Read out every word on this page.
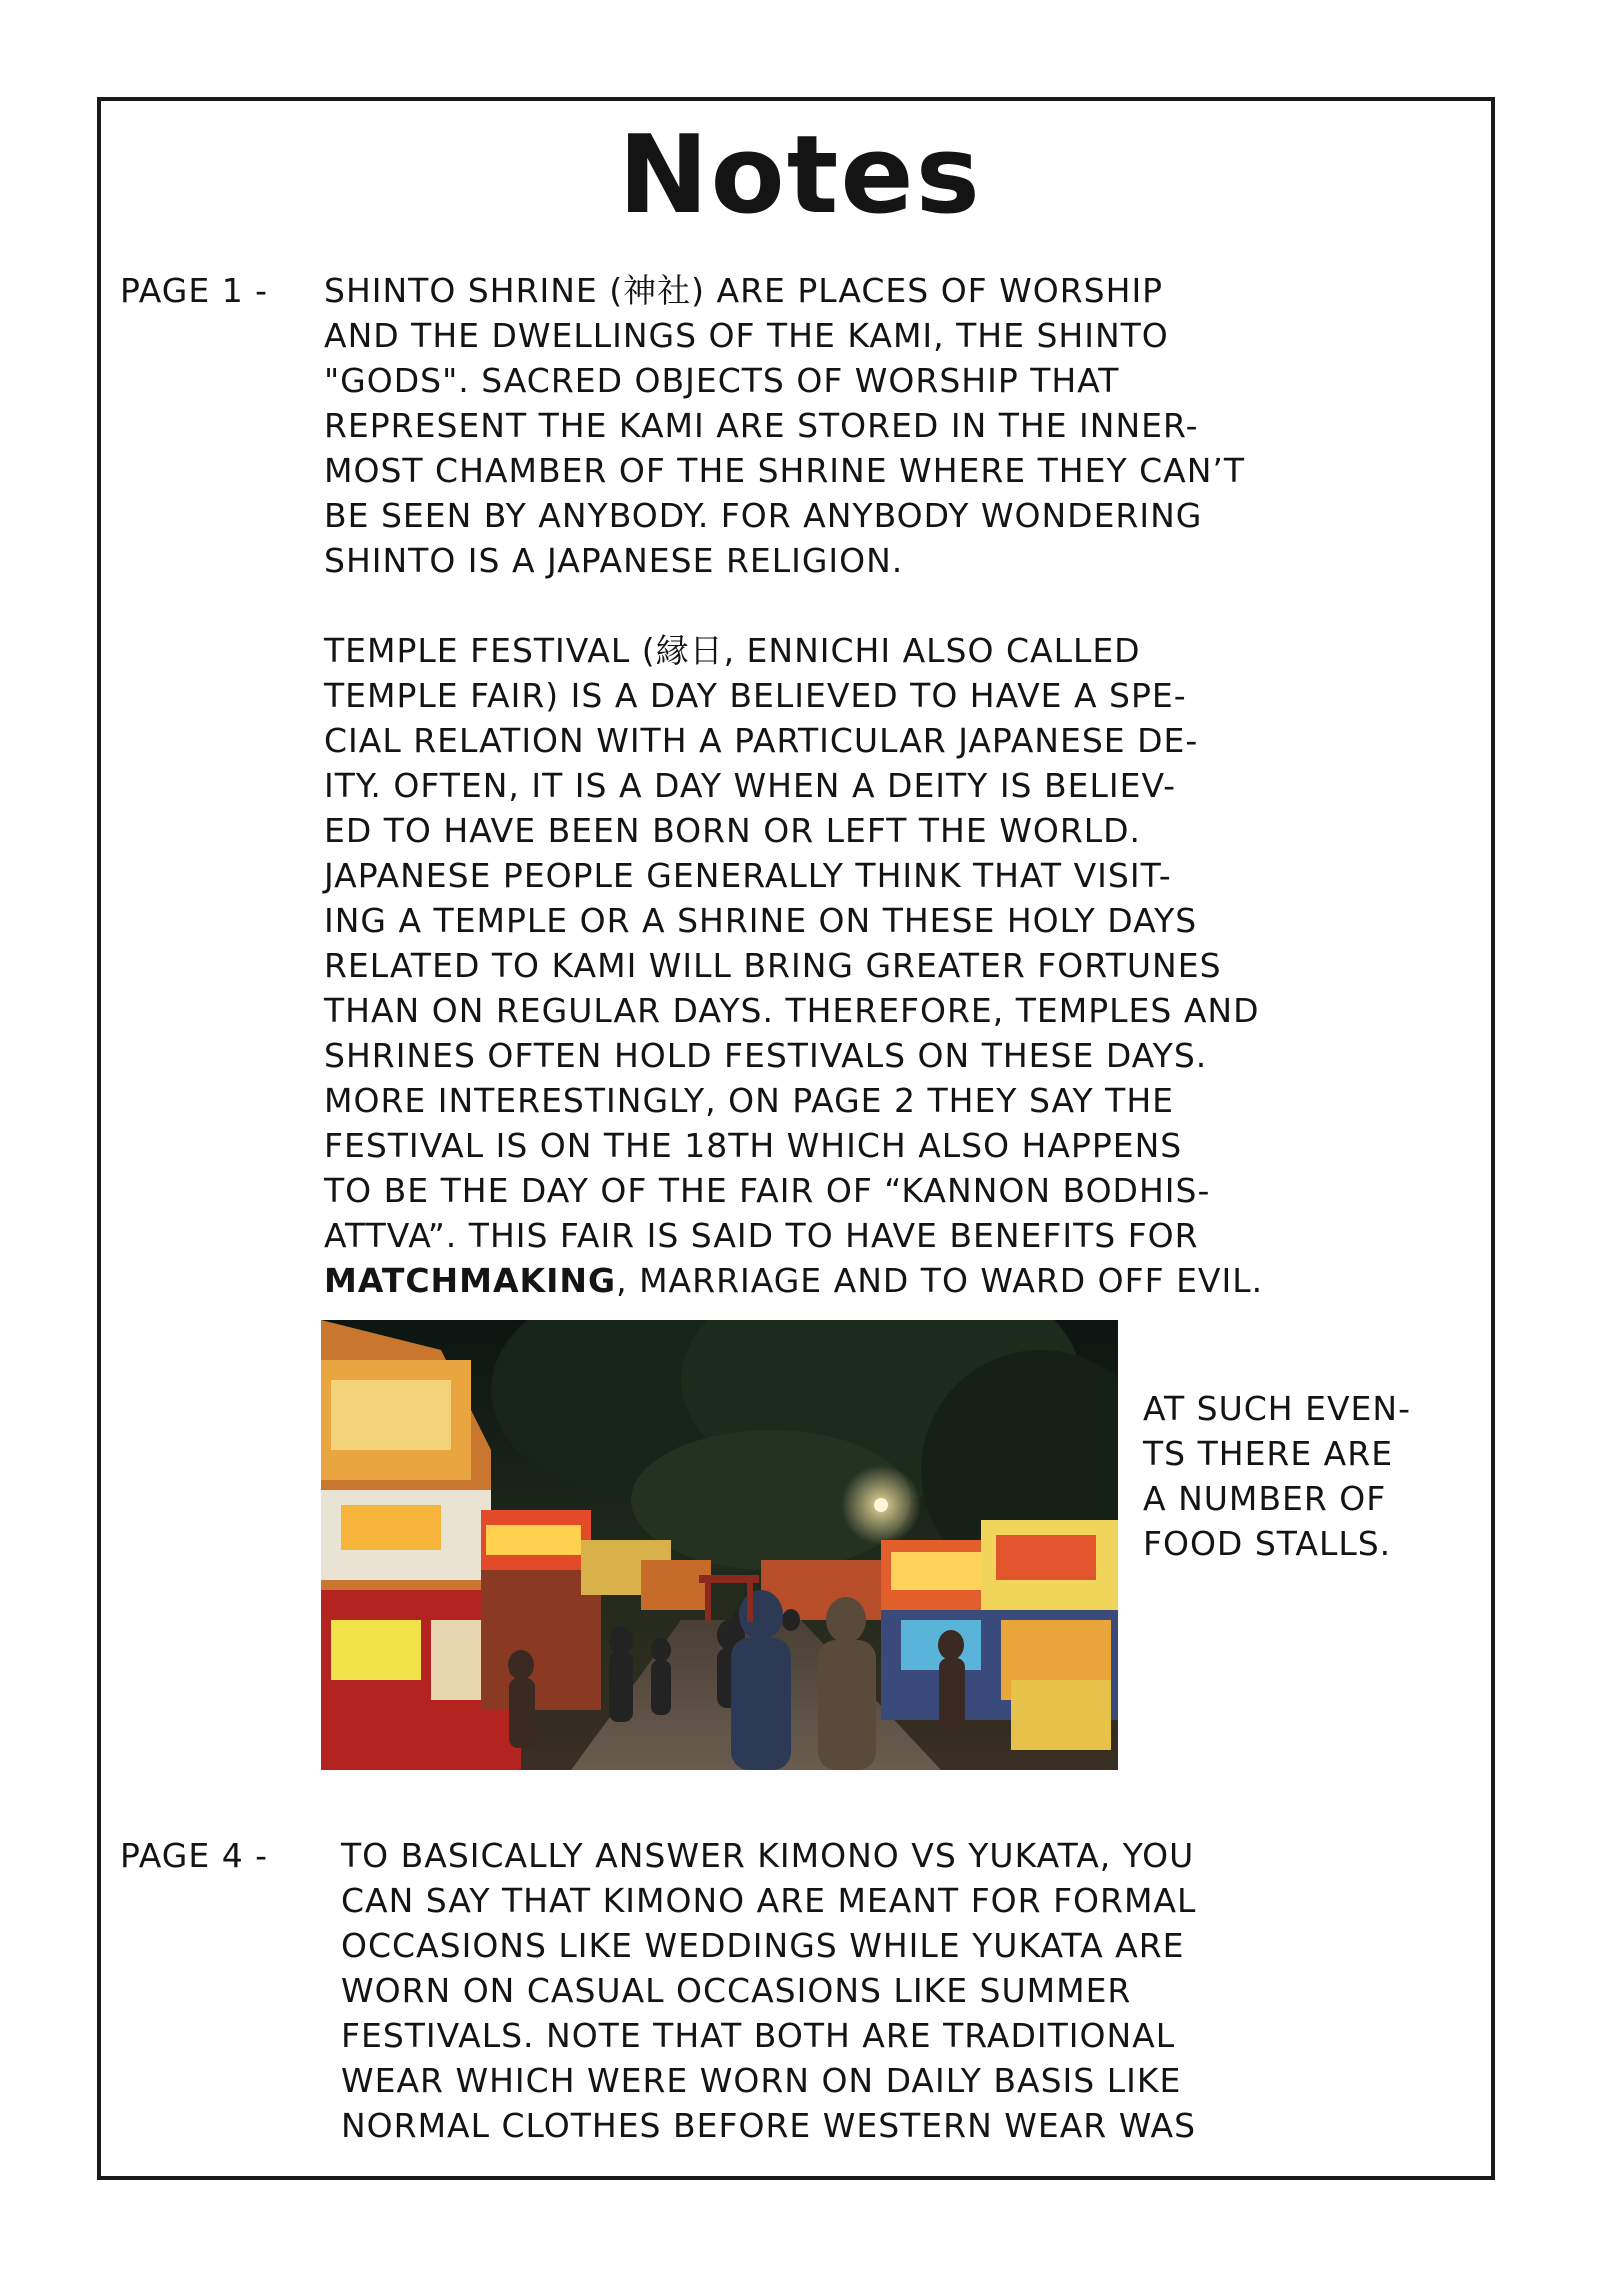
Notes
PAGE 1 - SHINTO SHRINE (神社) ARE PLACES OF WORSHIP
AND THE DWELLINGS OF THE KAMI, THE SHINTO
"GODS". SACRED OBJECTS OF WORSHIP THAT
REPRESENT THE KAMI ARE STORED IN THE INNER-
MOST CHAMBER OF THE SHRINE WHERE THEY CAN’T
BE SEEN BY ANYBODY. FOR ANYBODY WONDERING
SHINTO IS A JAPANESE RELIGION.
TEMPLE FESTIVAL (縁日, ENNICHI ALSO CALLED
TEMPLE FAIR) IS A DAY BELIEVED TO HAVE A SPE-
CIAL RELATION WITH A PARTICULAR JAPANESE DE-
ITY. OFTEN, IT IS A DAY WHEN A DEITY IS BELIEV-
ED TO HAVE BEEN BORN OR LEFT THE WORLD.
JAPANESE PEOPLE GENERALLY THINK THAT VISIT-
ING A TEMPLE OR A SHRINE ON THESE HOLY DAYS
RELATED TO KAMI WILL BRING GREATER FORTUNES
THAN ON REGULAR DAYS. THEREFORE, TEMPLES AND
SHRINES OFTEN HOLD FESTIVALS ON THESE DAYS.
MORE INTERESTINGLY, ON PAGE 2 THEY SAY THE
FESTIVAL IS ON THE 18TH WHICH ALSO HAPPENS
TO BE THE DAY OF THE FAIR OF “KANNON BODHIS-
ATTVA”. THIS FAIR IS SAID TO HAVE BENEFITS FOR
MATCHMAKING, MARRIAGE AND TO WARD OFF EVIL.
AT SUCH EVEN-
TS THERE ARE
A NUMBER OF
FOOD STALLS.
PAGE 4 - TO BASICALLY ANSWER KIMONO VS YUKATA, YOU
CAN SAY THAT KIMONO ARE MEANT FOR FORMAL
OCCASIONS LIKE WEDDINGS WHILE YUKATA ARE
WORN ON CASUAL OCCASIONS LIKE SUMMER
FESTIVALS. NOTE THAT BOTH ARE TRADITIONAL
WEAR WHICH WERE WORN ON DAILY BASIS LIKE
NORMAL CLOTHES BEFORE WESTERN WEAR WAS
